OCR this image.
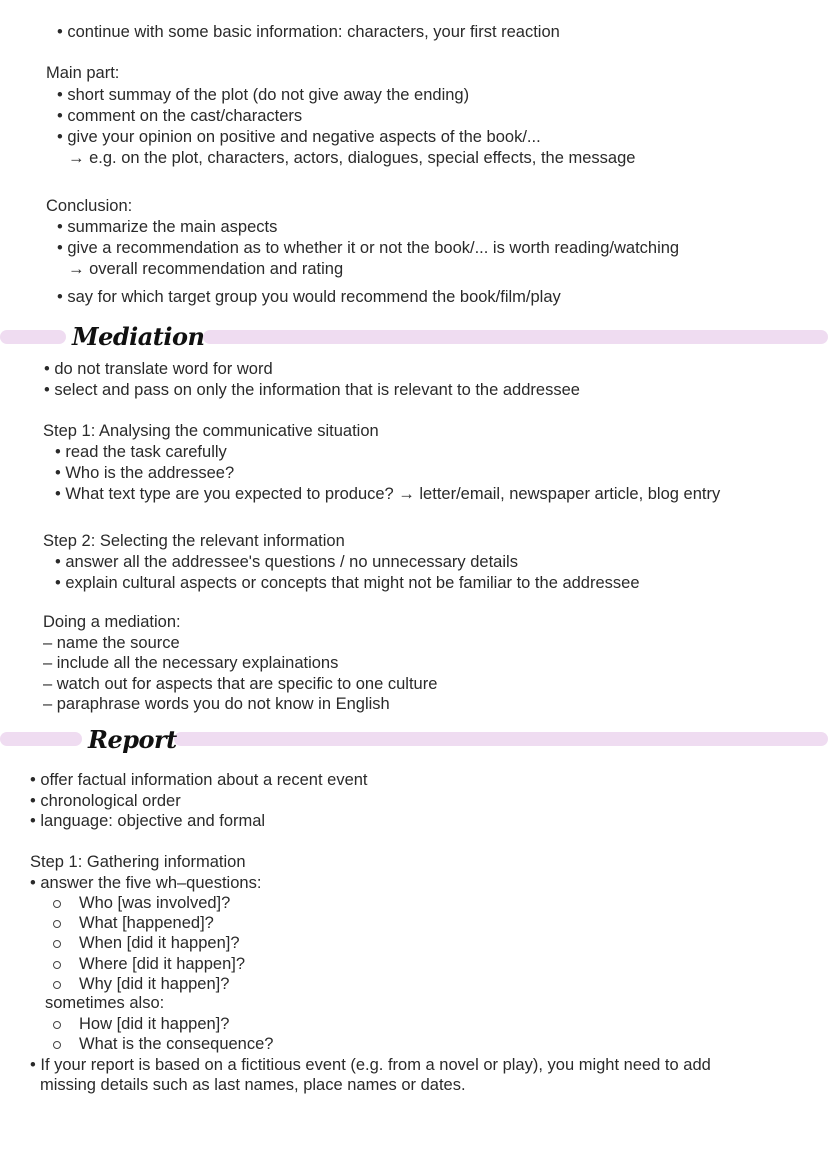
Mediation
Report
• continue with some basic information: characters, your first reaction
Main part:
• short summay of the plot (do not give away the ending)
• comment on the cast/characters
• give your opinion on positive and negative aspects of the book/...
→ e.g. on the plot, characters, actors, dialogues, special effects, the message
Conclusion:
• summarize the main aspects
• give a recommendation as to whether it or not the book/... is worth reading/watching
→ overall recommendation and rating
• say for which target group you would recommend the book/film/play
• do not translate word for word
• select and pass on only the information that is relevant to the addressee
Step 1: Analysing the communicative situation
• read the task carefully
• Who is the addressee?
• What text type are you expected to produce? → letter/email, newspaper article, blog entry
Step 2: Selecting the relevant information
• answer all the addressee's questions / no unnecessary details
• explain cultural aspects or concepts that might not be familiar to the addressee
Doing a mediation:
– name the source
– include all the necessary explainations
– watch out for aspects that are specific to one culture
– paraphrase words you do not know in English
• offer factual information about a recent event
• chronological order
• language: objective and formal
Step 1: Gathering information
• answer the five wh–questions:
Who [was involved]?
What [happened]?
When [did it happen]?
Where [did it happen]?
Why [did it happen]?
sometimes also:
How [did it happen]?
What is the consequence?
• If your report is based on a fictitious event (e.g. from a novel or play), you might need to add
missing details such as last names, place names or dates.
